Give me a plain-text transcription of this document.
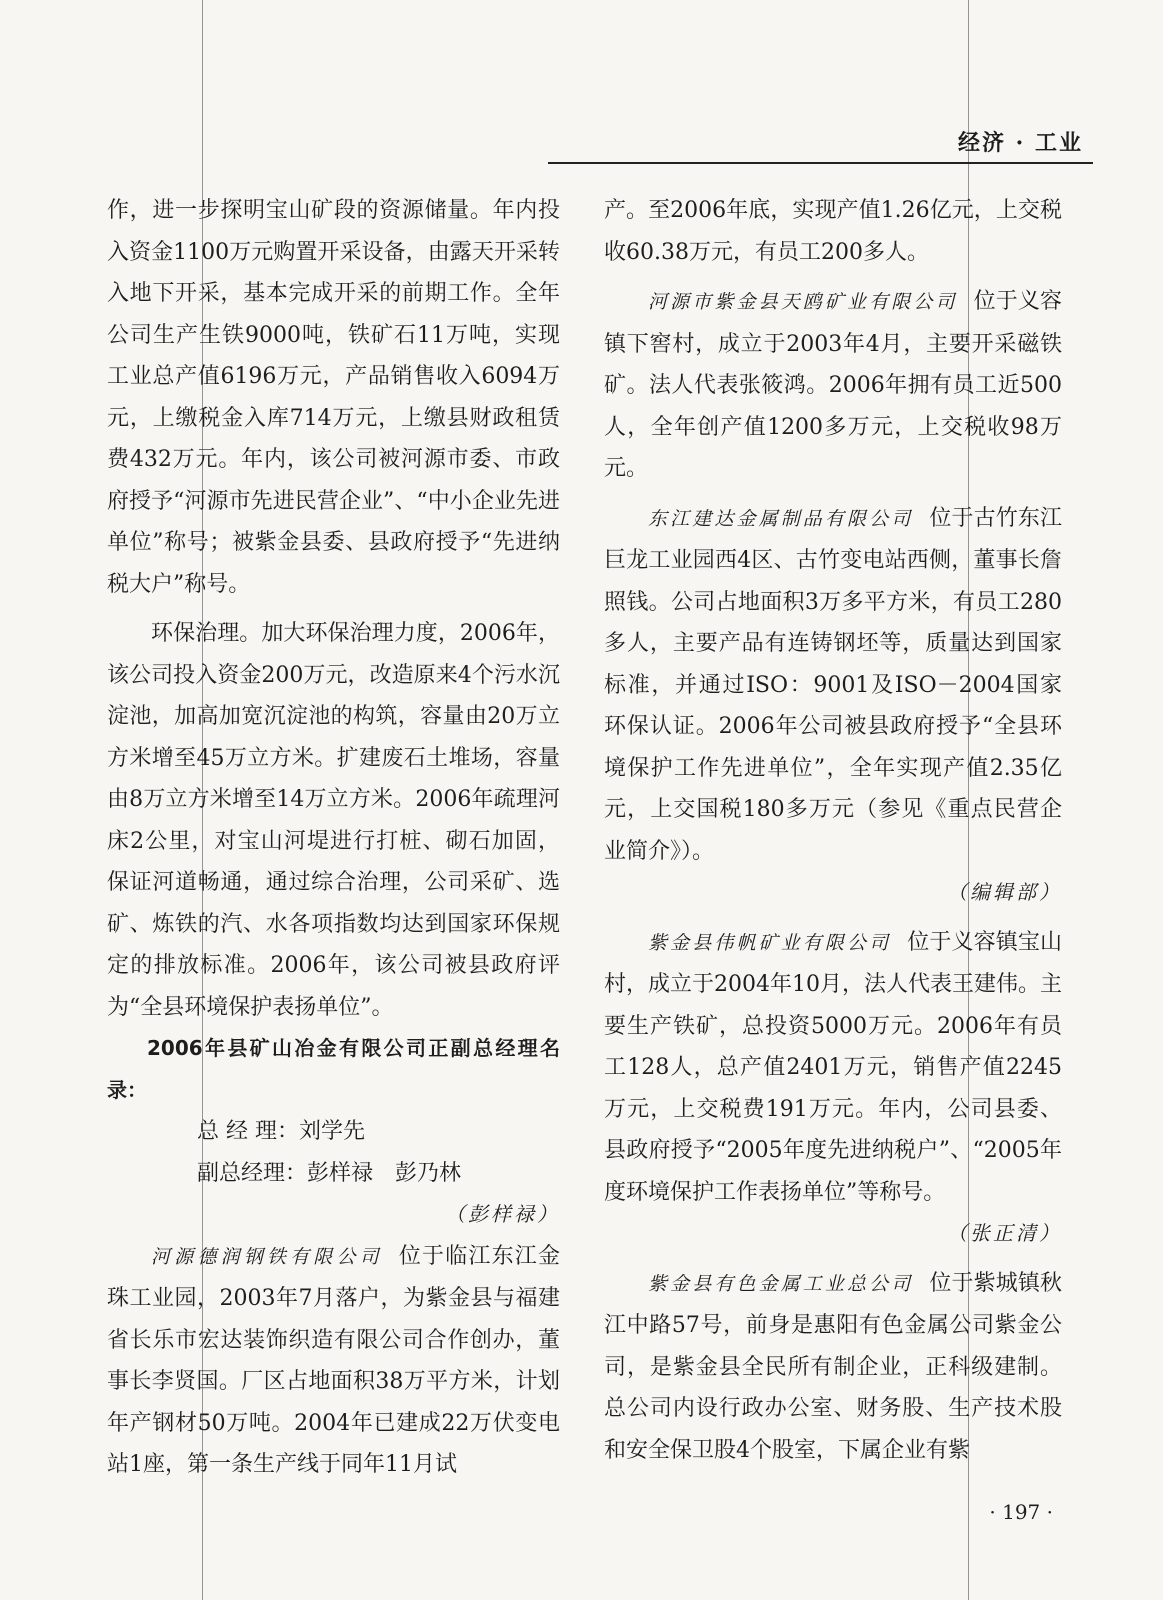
经济 · 工业

作，进一步探明宝山矿段的资源储量。年内投入资金1100万元购置开采设备，由露天开采转入地下开采，基本完成开采的前期工作。全年公司生产生铁9000吨，铁矿石11万吨，实现工业总产值6196万元，产品销售收入6094万元，上缴税金入库714万元，上缴县财政租赁费432万元。年内，该公司被河源市委、市政府授予“河源市先进民营企业”、“中小企业先进单位”称号；被紫金县委、县政府授予“先进纳税大户”称号。

环保治理。加大环保治理力度，2006年，该公司投入资金200万元，改造原来4个污水沉淀池，加高加宽沉淀池的构筑，容量由20万立方米增至45万立方米。扩建废石土堆场，容量由8万立方米增至14万立方米。2006年疏理河床2公里，对宝山河堤进行打桩、砌石加固，保证河道畅通，通过综合治理，公司采矿、选矿、炼铁的汽、水各项指数均达到国家环保规定的排放标准。2006年，该公司被县政府评为“全县环境保护表扬单位”。

2006年县矿山冶金有限公司正副总经理名录：

总 经 理：刘学先

副总经理：彭样禄　彭乃林

（彭样禄）

河源德润钢铁有限公司 位于临江东江金珠工业园，2003年7月落户，为紫金县与福建省长乐市宏达装饰织造有限公司合作创办，董事长李贤国。厂区占地面积38万平方米，计划年产钢材50万吨。2004年已建成22万伏变电站1座，第一条生产线于同年11月试

产。至2006年底，实现产值1.26亿元，上交税收60.38万元，有员工200多人。

河源市紫金县天鸥矿业有限公司 位于义容镇下窖村，成立于2003年4月，主要开采磁铁矿。法人代表张筱鸿。2006年拥有员工近500人，全年创产值1200多万元，上交税收98万元。

东江建达金属制品有限公司 位于古竹东江巨龙工业园西4区、古竹变电站西侧，董事长詹照钱。公司占地面积3万多平方米，有员工280多人，主要产品有连铸钢坯等，质量达到国家标准，并通过ISO：9001及ISO－2004国家环保认证。2006年公司被县政府授予“全县环境保护工作先进单位”，全年实现产值2.35亿元，上交国税180多万元（参见《重点民营企业简介》）。

（编辑部）

紫金县伟帆矿业有限公司 位于义容镇宝山村，成立于2004年10月，法人代表王建伟。主要生产铁矿，总投资5000万元。2006年有员工128人，总产值2401万元，销售产值2245万元，上交税费191万元。年内，公司县委、县政府授予“2005年度先进纳税户”、“2005年度环境保护工作表扬单位”等称号。

（张正清）

紫金县有色金属工业总公司 位于紫城镇秋江中路57号，前身是惠阳有色金属公司紫金公司，是紫金县全民所有制企业，正科级建制。总公司内设行政办公室、财务股、生产技术股和安全保卫股4个股室，下属企业有紫

· 197 ·
